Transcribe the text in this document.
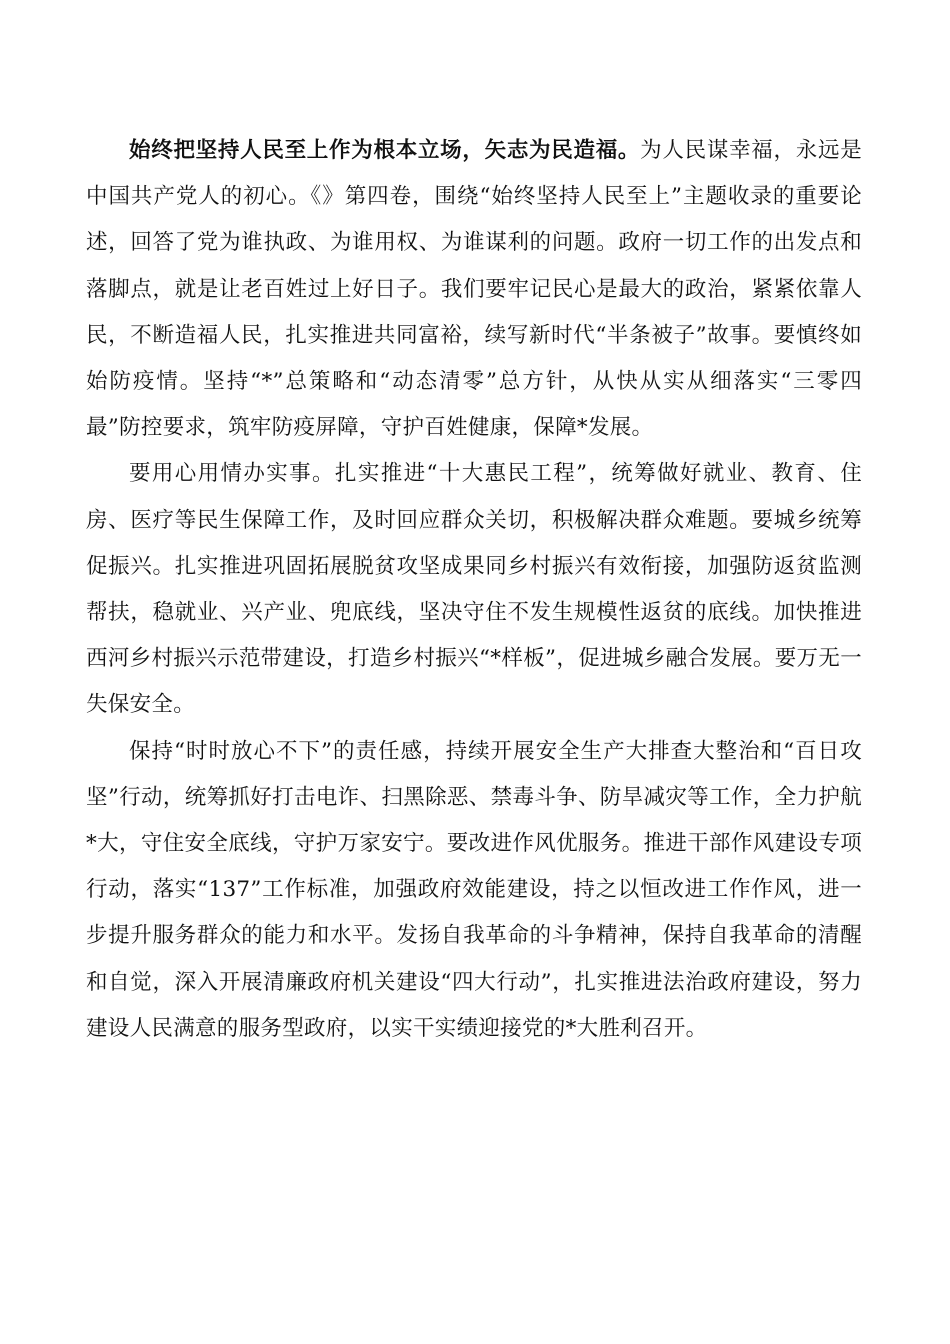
始终把坚持人民至上作为根本立场，矢志为民造福。为人民谋幸福，永远是中国共产党人的初心。《》第四卷，围绕“始终坚持人民至上”主题收录的重要论述，回答了党为谁执政、为谁用权、为谁谋利的问题。政府一切工作的出发点和落脚点，就是让老百姓过上好日子。我们要牢记民心是最大的政治，紧紧依靠人民，不断造福人民，扎实推进共同富裕，续写新时代“半条被子”故事。要慎终如始防疫情。坚持“*”总策略和“动态清零”总方针，从快从实从细落实“三零四最”防控要求，筑牢防疫屏障，守护百姓健康，保障*发展。

要用心用情办实事。扎实推进“十大惠民工程”，统筹做好就业、教育、住房、医疗等民生保障工作，及时回应群众关切，积极解决群众难题。要城乡统筹促振兴。扎实推进巩固拓展脱贫攻坚成果同乡村振兴有效衔接，加强防返贫监测帮扶，稳就业、兴产业、兜底线，坚决守住不发生规模性返贫的底线。加快推进西河乡村振兴示范带建设，打造乡村振兴“*样板”，促进城乡融合发展。要万无一失保安全。

保持“时时放心不下”的责任感，持续开展安全生产大排查大整治和“百日攻坚”行动，统筹抓好打击电诈、扫黑除恶、禁毒斗争、防旱减灾等工作，全力护航*大，守住安全底线，守护万家安宁。要改进作风优服务。推进干部作风建设专项行动，落实“137”工作标准，加强政府效能建设，持之以恒改进工作作风，进一步提升服务群众的能力和水平。发扬自我革命的斗争精神，保持自我革命的清醒和自觉，深入开展清廉政府机关建设“四大行动”，扎实推进法治政府建设，努力建设人民满意的服务型政府，以实干实绩迎接党的*大胜利召开。
